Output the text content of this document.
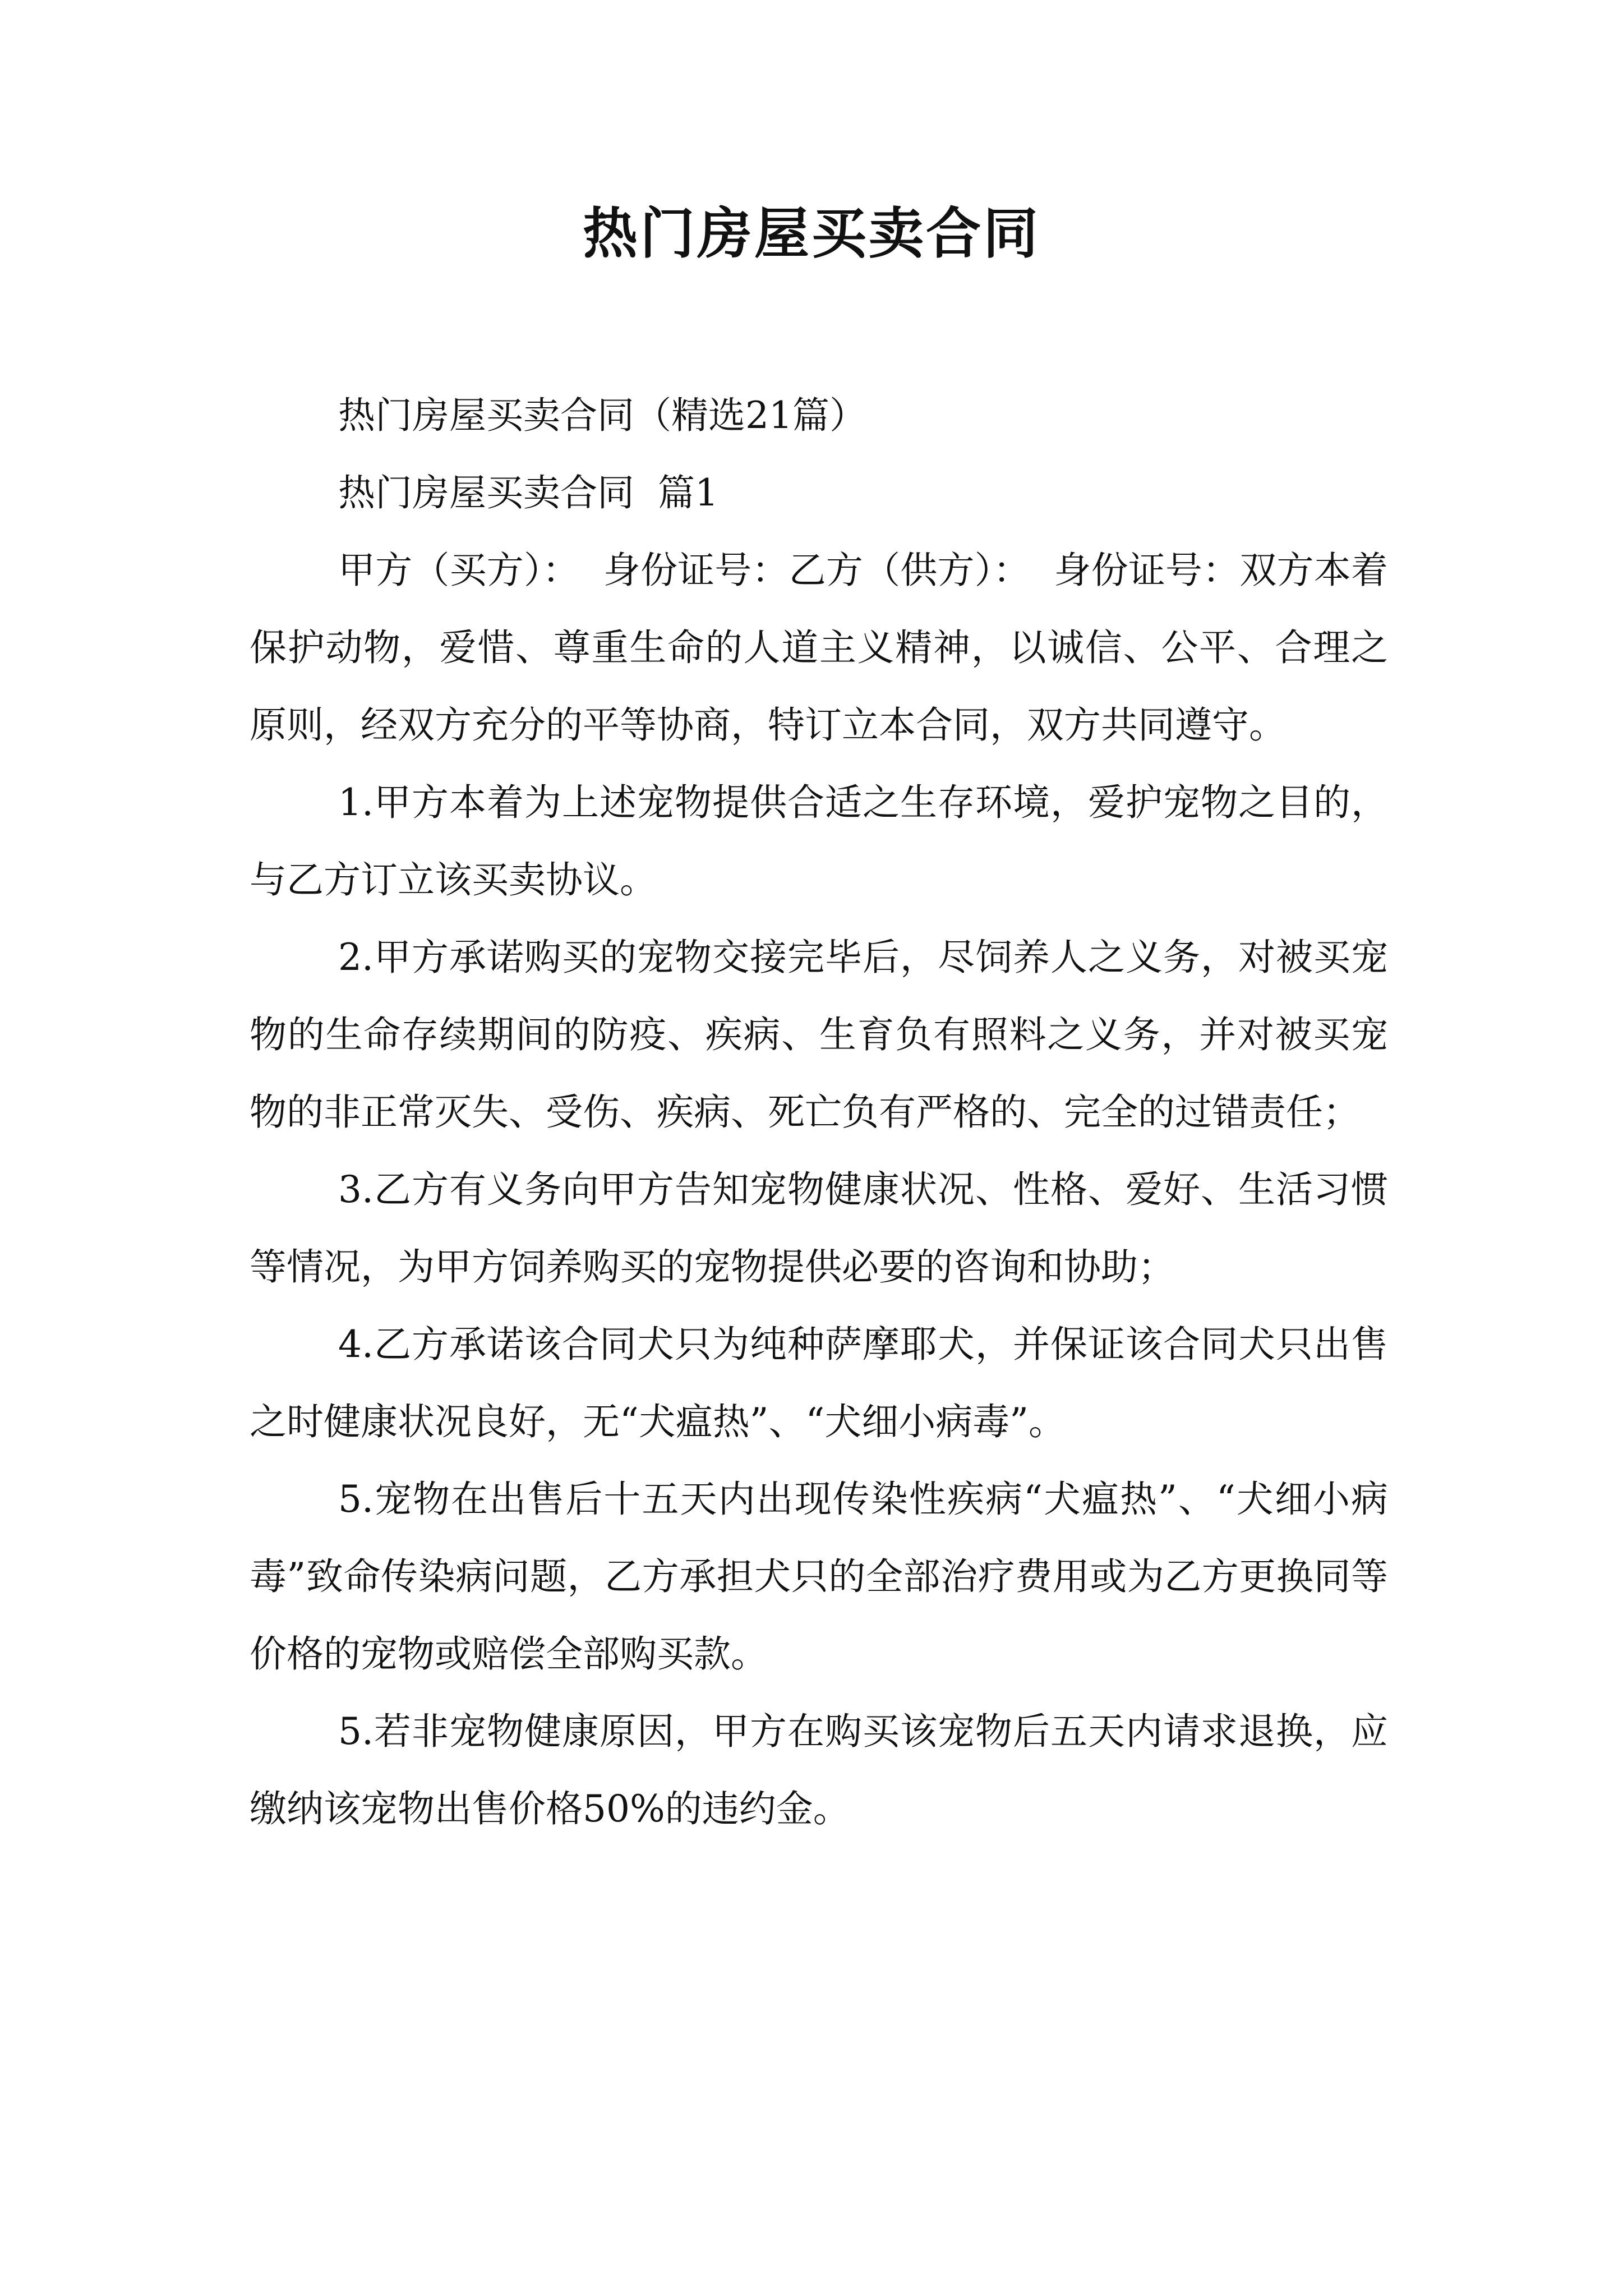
热门房屋买卖合同

热门房屋买卖合同（精选21篇）

热门房屋买卖合同  篇1

甲方（买方）：  身份证号：乙方（供方）：  身份证号：双方本着保护动物，爱惜、尊重生命的人道主义精神，以诚信、公平、合理之原则，经双方充分的平等协商，特订立本合同，双方共同遵守。

1.甲方本着为上述宠物提供合适之生存环境，爱护宠物之目的，与乙方订立该买卖协议。

2.甲方承诺购买的宠物交接完毕后，尽饲养人之义务，对被买宠物的生命存续期间的防疫、疾病、生育负有照料之义务，并对被买宠物的非正常灭失、受伤、疾病、死亡负有严格的、完全的过错责任；

3.乙方有义务向甲方告知宠物健康状况、性格、爱好、生活习惯等情况，为甲方饲养购买的宠物提供必要的咨询和协助；

4.乙方承诺该合同犬只为纯种萨摩耶犬，并保证该合同犬只出售之时健康状况良好，无“犬瘟热”、“犬细小病毒”。

5.宠物在出售后十五天内出现传染性疾病“犬瘟热”、“犬细小病毒”致命传染病问题，乙方承担犬只的全部治疗费用或为乙方更换同等价格的宠物或赔偿全部购买款。

5.若非宠物健康原因，甲方在购买该宠物后五天内请求退换，应缴纳该宠物出售价格50%的违约金。
